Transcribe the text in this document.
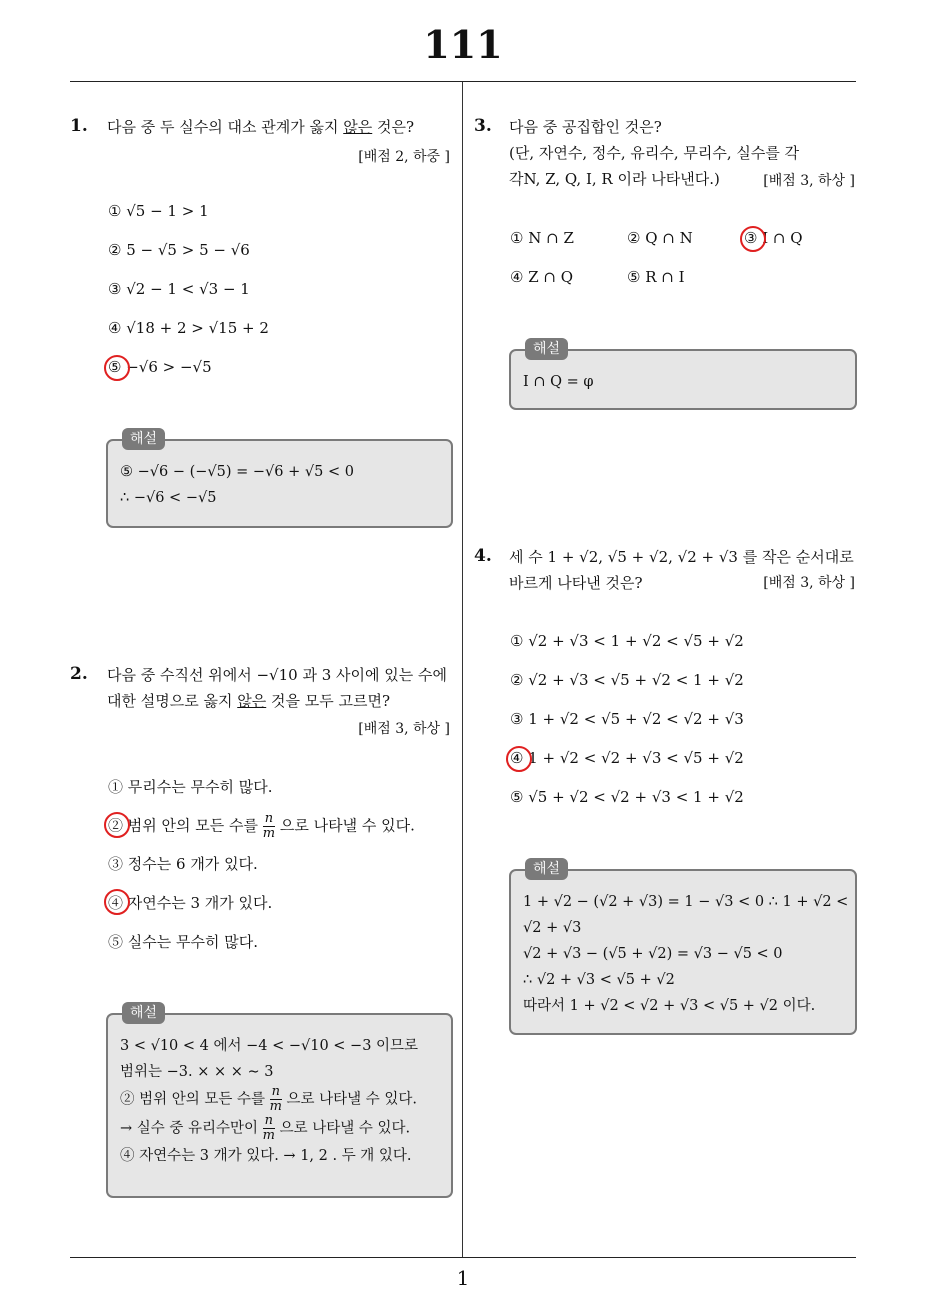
111
1
1. 다음 중 두 실수의 대소 관계가 옳지 않은 것은?
[배점 2, 하중 ]
① √5 − 1 > 1
② 5 − √5 > 5 − √6
③ √2 − 1 < √3 − 1
④ √18 + 2 > √15 + 2
⑤ −√6 > −√5
해설
⑤ −√6 − (−√5) = −√6 + √5 < 0
∴ −√6 < −√5
2. 다음 중 수직선 위에서 −√10 과 3 사이에 있는 수에
대한 설명으로 옳지 않은 것을 모두 고르면?
[배점 3, 하상 ]
① 무리수는 무수히 많다.
② 범위 안의 모든 수를 $\frac{n}{m}$ 으로 나타낼 수 있다.
③ 정수는 6 개가 있다.
④ 자연수는 3 개가 있다.
⑤ 실수는 무수히 많다.
해설
3 < √10 < 4 에서 −4 < −√10 < −3 이므로
범위는 −3. × × × ∼ 3
② 범위 안의 모든 수를 $\frac{n}{m}$ 으로 나타낼 수 있다.
→ 실수 중 유리수만이 $\frac{n}{m}$ 으로 나타낼 수 있다.
④ 자연수는 3 개가 있다. → 1, 2 . 두 개 있다.
3. 다음 중 공집합인 것은?
(단, 자연수, 정수, 유리수, 무리수, 실수를 각
각N, Z, Q, I, R 이라 나타낸다.)	[배점 3, 하상 ]
① N ∩ Z	② Q ∩ N	③ I ∩ Q
④ Z ∩ Q	⑤ R ∩ I
해설
I ∩ Q = φ
4. 세 수 1 + √2, √5 + √2, √2 + √3 를 작은 순서대로
바르게 나타낸 것은?	[배점 3, 하상 ]
① √2 + √3 < 1 + √2 < √5 + √2
② √2 + √3 < √5 + √2 < 1 + √2
③ 1 + √2 < √5 + √2 < √2 + √3
④ 1 + √2 < √2 + √3 < √5 + √2
⑤ √5 + √2 < √2 + √3 < 1 + √2
해설
1 + √2 − (√2 + √3) = 1 − √3 < 0 ∴ 1 + √2 <
√2 + √3
√2 + √3 − (√5 + √2) = √3 − √5 < 0
∴ √2 + √3 < √5 + √2
따라서 1 + √2 < √2 + √3 < √5 + √2 이다.
